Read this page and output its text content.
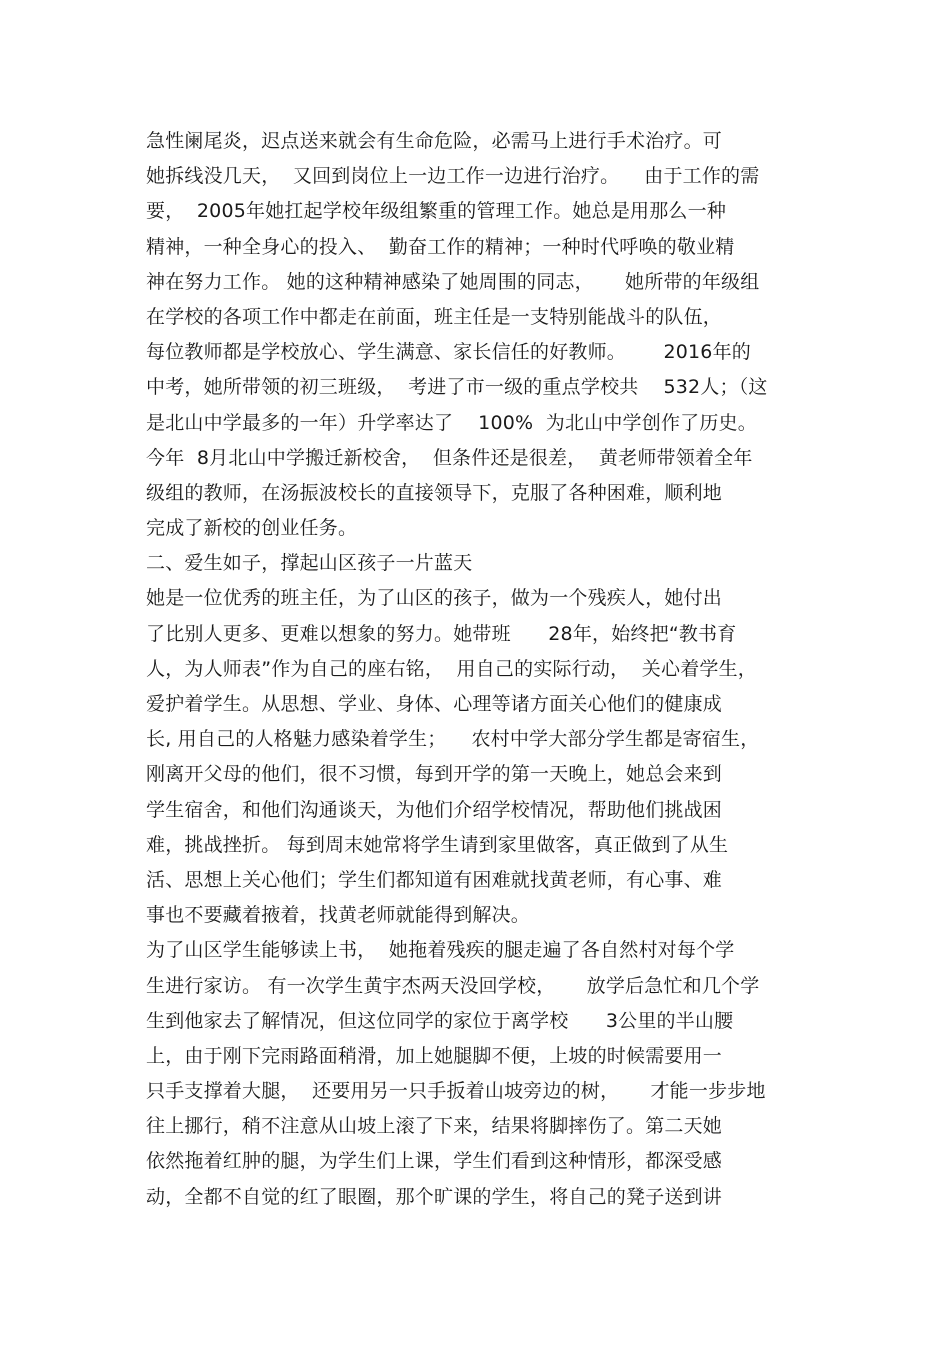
急性阑尾炎，迟点送来就会有生命危险，必需马上进行手术治疗。可
她拆线没几天，  又回到岗位上一边工作一边进行治疗。    由于工作的需
要，  2005年她扛起学校年级组繁重的管理工作。她总是用那么一种
精神，一种全身心的投入、  勤奋工作的精神；一种时代呼唤的敬业精
神在努力工作。 她的这种精神感染了她周围的同志，     她所带的年级组
在学校的各项工作中都走在前面，班主任是一支特别能战斗的队伍，
每位教师都是学校放心、学生满意、家长信任的好教师。      2016年的
中考，她所带领的初三班级，  考进了市一级的重点学校共    532人；（这
是北山中学最多的一年）升学率达了    100%  为北山中学创作了历史。
今年  8月北山中学搬迁新校舍，  但条件还是很差，  黄老师带领着全年
级组的教师，在汤振波校长的直接领导下，克服了各种困难，顺利地
完成了新校的创业任务。
二、爱生如子，撑起山区孩子一片蓝天
她是一位优秀的班主任，为了山区的孩子，做为一个残疾人，她付出
了比别人更多、更难以想象的努力。她带班      28年，始终把“教书育
人，为人师表”作为自己的座右铭，  用自己的实际行动，  关心着学生，
爱护着学生。从思想、学业、身体、心理等诸方面关心他们的健康成
长, 用自己的人格魅力感染着学生；    农村中学大部分学生都是寄宿生，
刚离开父母的他们，很不习惯，每到开学的第一天晚上，她总会来到
学生宿舍，和他们沟通谈天，为他们介绍学校情况，帮助他们挑战困
难，挑战挫折。 每到周末她常将学生请到家里做客，真正做到了从生
活、思想上关心他们；学生们都知道有困难就找黄老师，有心事、难
事也不要藏着掖着，找黄老师就能得到解决。
为了山区学生能够读上书，  她拖着残疾的腿走遍了各自然村对每个学
生进行家访。 有一次学生黄宇杰两天没回学校，     放学后急忙和几个学
生到他家去了解情况，但这位同学的家位于离学校      3公里的半山腰
上，由于刚下完雨路面稍滑，加上她腿脚不便，上坡的时候需要用一
只手支撑着大腿，  还要用另一只手扳着山坡旁边的树，     才能一步步地
往上挪行，稍不注意从山坡上滚了下来，结果将脚摔伤了。第二天她
依然拖着红肿的腿，为学生们上课，学生们看到这种情形，都深受感
动，全都不自觉的红了眼圈，那个旷课的学生，将自己的凳子送到讲
